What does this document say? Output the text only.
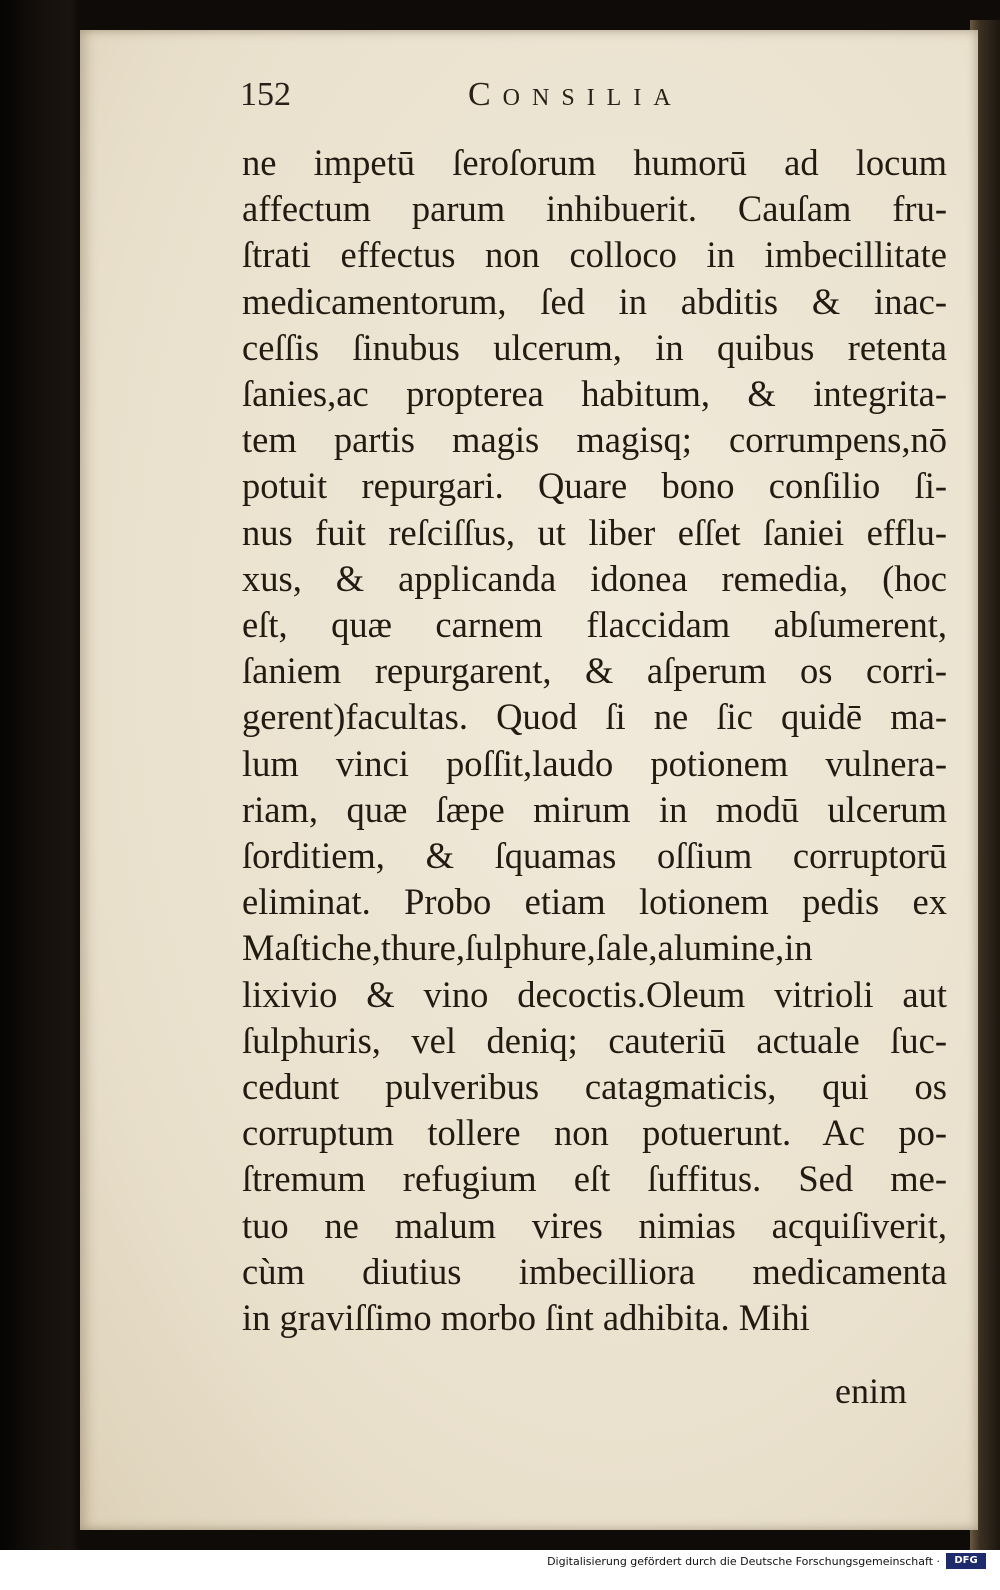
152	Consilia
ne impetū ſeroſorum humorū ad locum
affectum parum inhibuerit. Cauſam fru-
ſtrati effectus non colloco in imbecillitate
medicamentorum, ſed in abditis & inac-
ceſſis ſinubus ulcerum, in quibus retenta
ſanies,ac propterea habitum, & integrita-
tem partis magis magisq; corrumpens,nō
potuit repurgari. Quare bono conſilio ſi-
nus fuit reſciſſus, ut liber eſſet ſaniei efflu-
xus, & applicanda idonea remedia, (hoc
eſt, quæ carnem flaccidam abſumerent,
ſaniem repurgarent, & aſperum os corri-
gerent)facultas. Quod ſi ne ſic quidē ma-
lum vinci poſſit,laudo potionem vulnera-
riam, quæ ſæpe mirum in modū ulcerum
ſorditiem, & ſquamas oſſium corruptorū
eliminat. Probo etiam lotionem pedis ex
Maſtiche,thure,ſulphure,ſale,alumine,in
lixivio & vino decoctis.Oleum vitrioli aut
ſulphuris, vel deniq; cauteriū actuale ſuc-
cedunt pulveribus catagmaticis, qui os
corruptum tollere non potuerunt. Ac po-
ſtremum refugium eſt ſuffitus. Sed me-
tuo ne malum vires nimias acquiſiverit,
cùm diutius imbecilliora medicamenta
in graviſſimo morbo ſint adhibita. Mihi
enim
Digitalisierung gefördert durch die Deutsche Forschungsgemeinschaft ·	DFG
